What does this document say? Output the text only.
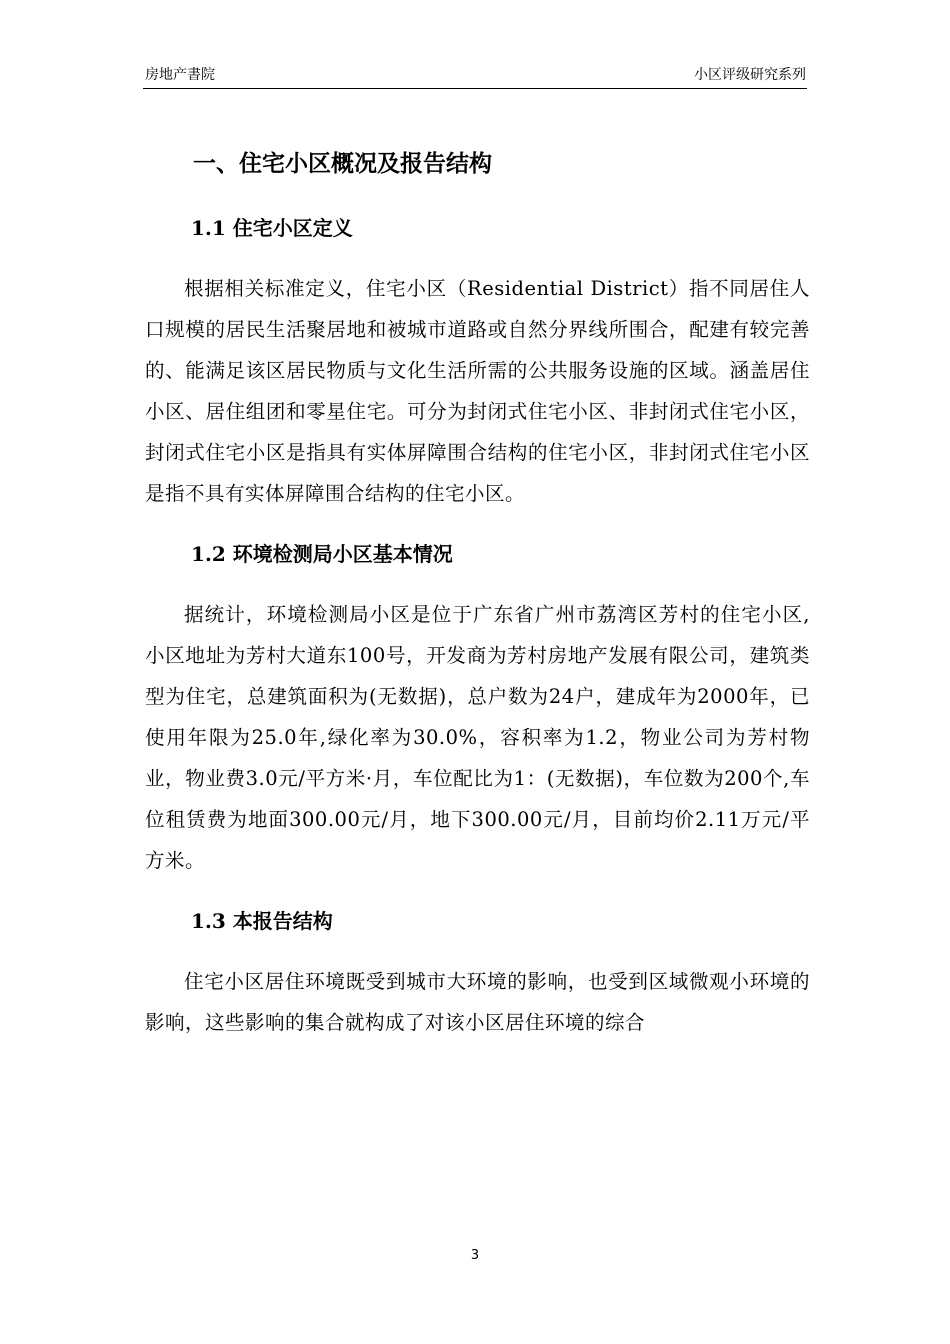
房地产書院	小区评级研究系列
一、住宅小区概况及报告结构
1.1 住宅小区定义

根据相关标准定义，住宅小区（Residential District）指不同居住人口规模的居民生活聚居地和被城市道路或自然分界线所围合，配建有较完善的、能满足该区居民物质与文化生活所需的公共服务设施的区域。涵盖居住小区、居住组团和零星住宅。可分为封闭式住宅小区、非封闭式住宅小区，封闭式住宅小区是指具有实体屏障围合结构的住宅小区，非封闭式住宅小区是指不具有实体屏障围合结构的住宅小区。

1.2 环境检测局小区基本情况

据统计，环境检测局小区是位于广东省广州市荔湾区芳村的住宅小区,小区地址为芳村大道东100号，开发商为芳村房地产发展有限公司，建筑类型为住宅，总建筑面积为(无数据)，总户数为24户，建成年为2000年，已使用年限为25.0年,绿化率为30.0%，容积率为1.2，物业公司为芳村物业，物业费3.0元/平方米·月，车位配比为1：(无数据)，车位数为200个,车位租赁费为地面300.00元/月，地下300.00元/月，目前均价2.11万元/平方米。

1.3 本报告结构

住宅小区居住环境既受到城市大环境的影响，也受到区域微观小环境的影响，这些影响的集合就构成了对该小区居住环境的综合

3
